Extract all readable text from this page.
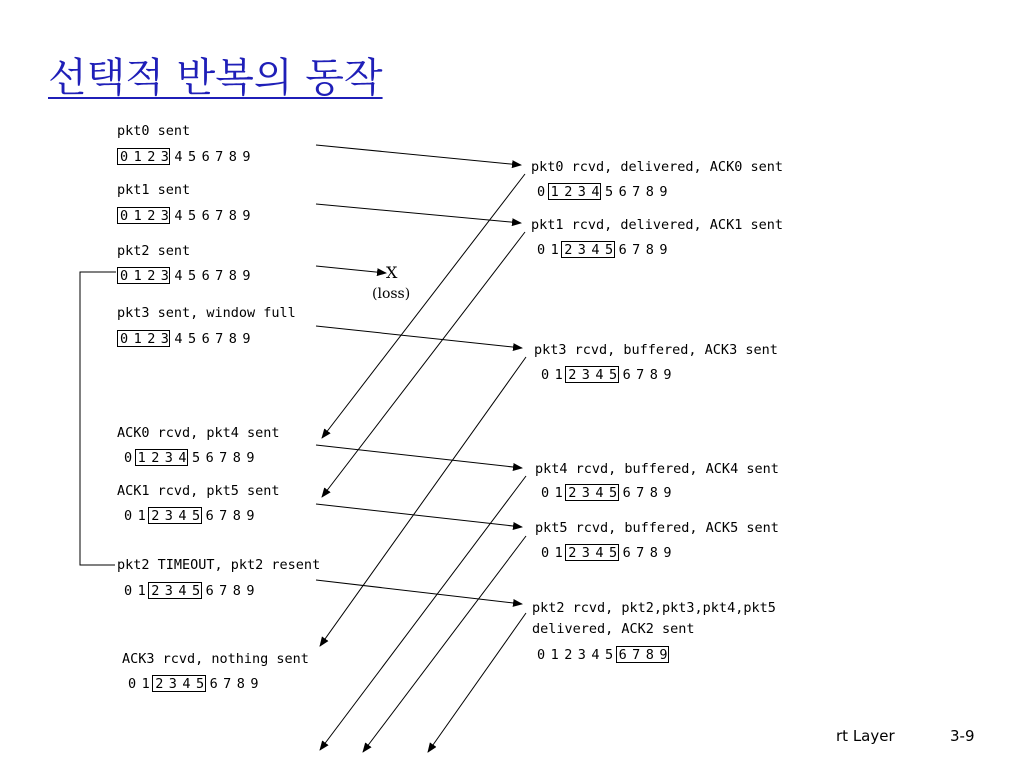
선택적 반복의 동작
pkt0 sent
0 1 2 3 4 5 6 7 8 9
pkt1 sent
0 1 2 3 4 5 6 7 8 9
pkt2 sent
0 1 2 3 4 5 6 7 8 9
pkt3 sent, window full
0 1 2 3 4 5 6 7 8 9
ACK0 rcvd, pkt4 sent
0 1 2 3 4 5 6 7 8 9
ACK1 rcvd, pkt5 sent
0 1 2 3 4 5 6 7 8 9
pkt2 TIMEOUT, pkt2 resent
0 1 2 3 4 5 6 7 8 9
ACK3 rcvd, nothing sent
0 1 2 3 4 5 6 7 8 9
pkt0 rcvd, delivered, ACK0 sent
0 1 2 3 4 5 6 7 8 9
pkt1 rcvd, delivered, ACK1 sent
0 1 2 3 4 5 6 7 8 9
pkt3 rcvd, buffered, ACK3 sent
0 1 2 3 4 5 6 7 8 9
pkt4 rcvd, buffered, ACK4 sent
0 1 2 3 4 5 6 7 8 9
pkt5 rcvd, buffered, ACK5 sent
0 1 2 3 4 5 6 7 8 9
pkt2 rcvd, pkt2,pkt3,pkt4,pkt5
delivered, ACK2 sent
0 1 2 3 4 5 6 7 8 9
X
(loss)
rt Layer	3-9
